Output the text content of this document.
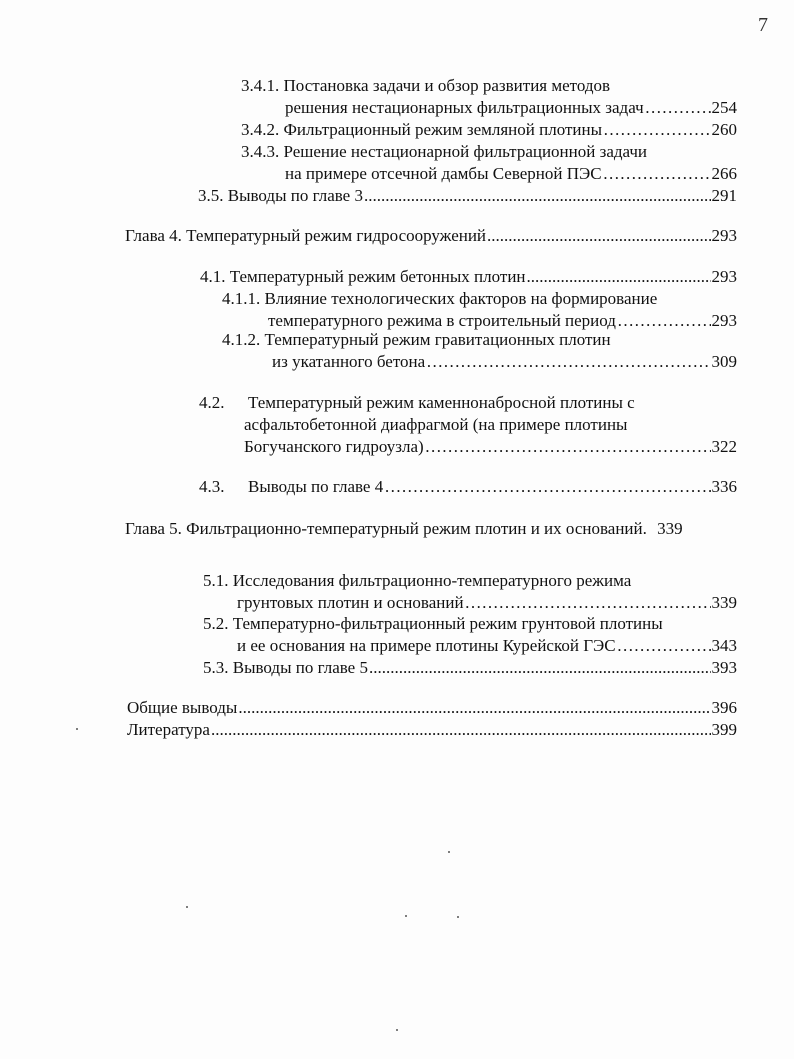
7
3.4.1. Постановка задачи и обзор развития методов
решения нестационарных фильтрационных задач ……………………………………………………………………………………………………………………………………………………………………	254
3.4.2. Фильтрационный режим земляной плотины ……………………………………………………………………………………………………………………………………………………………………	260
3.4.3. Решение нестационарной фильтрационной задачи
на примере отсечной дамбы Северной ПЭС ……………………………………………………………………………………………………………………………………………………………………	266
3.5. Выводы по главе 3 .....	291
Глава 4. Температурный режим гидросооружений .....	293
4.1. Температурный режим бетонных плотин .....	293
4.1.1. Влияние технологических факторов на формирование
температурного режима в строительный период ……………………………………………………………………………………………………………………………………………………………………	293
4.1.2. Температурный режим гравитационных плотин
из укатанного бетона ……………………………………………………………………………………………………………………………………………………………………	309
4.2. Температурный режим каменнонабросной плотины с
асфальтобетонной диафрагмой (на примере плотины
Богучанского гидроузла) ……………………………………………………………………………………………………………………………………………………………………	322
4.3. Выводы по главе 4 ……………………………………………………………………………………………………………………………………………………………………	336
Глава 5. Фильтрационно-температурный режим плотин и их оснований. 339
5.1. Исследования фильтрационно-температурного режима
грунтовых плотин и оснований ……………………………………………………………………………………………………………………………………………………………………	339
5.2. Температурно-фильтрационный режим грунтовой плотины
и ее основания на примере плотины Курейской ГЭС ……………………………………………………………………………………………………………………………………………………………………	343
5.3. Выводы по главе 5 .....	393
Общие выводы .....	396
Литература .....	399
